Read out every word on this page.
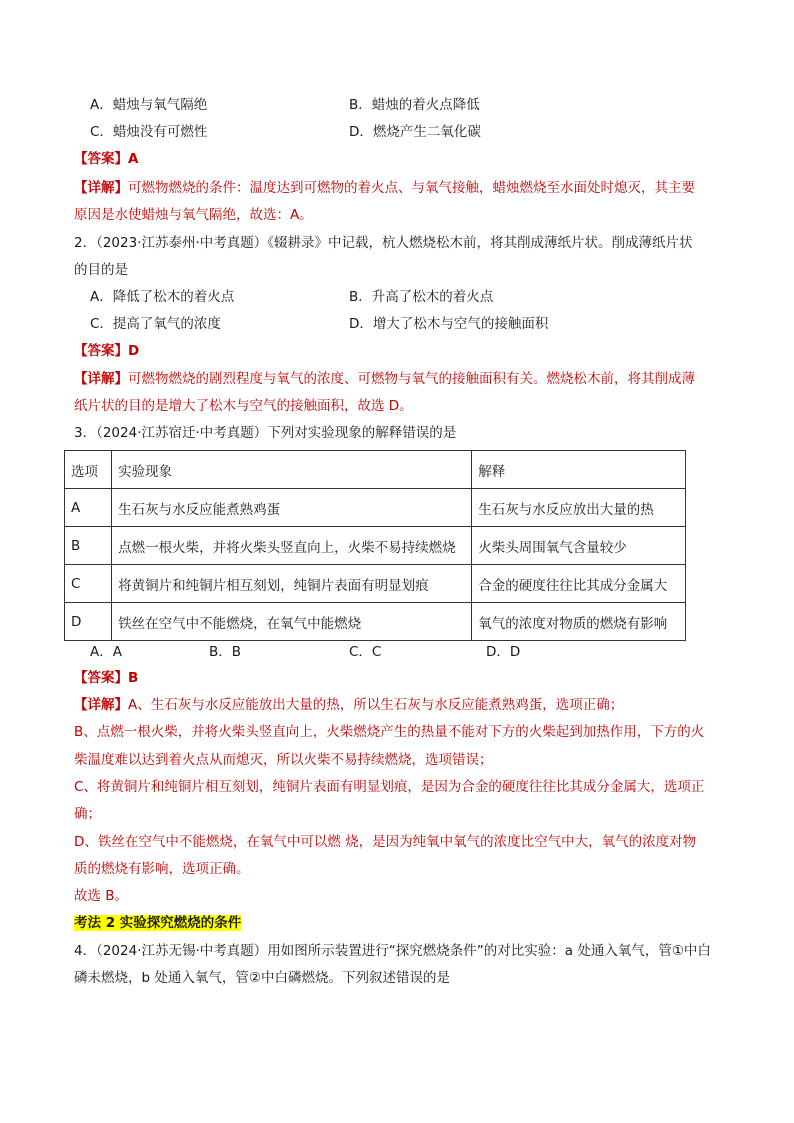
A．蜡烛与氧气隔绝	B．蜡烛的着火点降低
C．蜡烛没有可燃性	D．燃烧产生二氧化碳
【答案】A
【详解】可燃物燃烧的条件：温度达到可燃物的着火点、与氧气接触，蜡烛燃烧至水面处时熄灭，其主要
原因是水使蜡烛与氧气隔绝，故选：A。
2．（2023·江苏泰州·中考真题）《辍耕录》中记载，杭人燃烧松木前，将其削成薄纸片状。削成薄纸片状
的目的是
A．降低了松木的着火点	B．升高了松木的着火点
C．提高了氧气的浓度	D．增大了松木与空气的接触面积
【答案】D
【详解】可燃物燃烧的剧烈程度与氧气的浓度、可燃物与氧气的接触面积有关。燃烧松木前，将其削成薄
纸片状的目的是增大了松木与空气的接触面积，故选 D。
3．（2024·江苏宿迁·中考真题）下列对实验现象的解释错误的是
选项	实验现象	解释
A	生石灰与水反应能煮熟鸡蛋	生石灰与水反应放出大量的热
B	点燃一根火柴，并将火柴头竖直向上，火柴不易持续燃烧	火柴头周围氧气含量较少
C	将黄铜片和纯铜片相互刻划，纯铜片表面有明显划痕	合金的硬度往往比其成分金属大
D	铁丝在空气中不能燃烧，在氧气中能燃烧	氧气的浓度对物质的燃烧有影响
A．A	B．B	C．C	D．D
【答案】B
【详解】A、生石灰与水反应能放出大量的热，所以生石灰与水反应能煮熟鸡蛋，选项正确；
B、点燃一根火柴，并将火柴头竖直向上，火柴燃烧产生的热量不能对下方的火柴起到加热作用，下方的火
柴温度难以达到着火点从而熄灭，所以火柴不易持续燃烧，选项错误；
C、将黄铜片和纯铜片相互刻划，纯铜片表面有明显划痕，是因为合金的硬度往往比其成分金属大，选项正
确；
D、铁丝在空气中不能燃烧，在氧气中可以燃 烧，是因为纯氧中氧气的浓度比空气中大，氧气的浓度对物
质的燃烧有影响，选项正确。
故选 B。
考法 2 实验探究燃烧的条件
4．（2024·江苏无锡·中考真题）用如图所示装置进行“探究燃烧条件”的对比实验：a 处通入氧气，管①中白
磷未燃烧，b 处通入氧气，管②中白磷燃烧。下列叙述错误的是
